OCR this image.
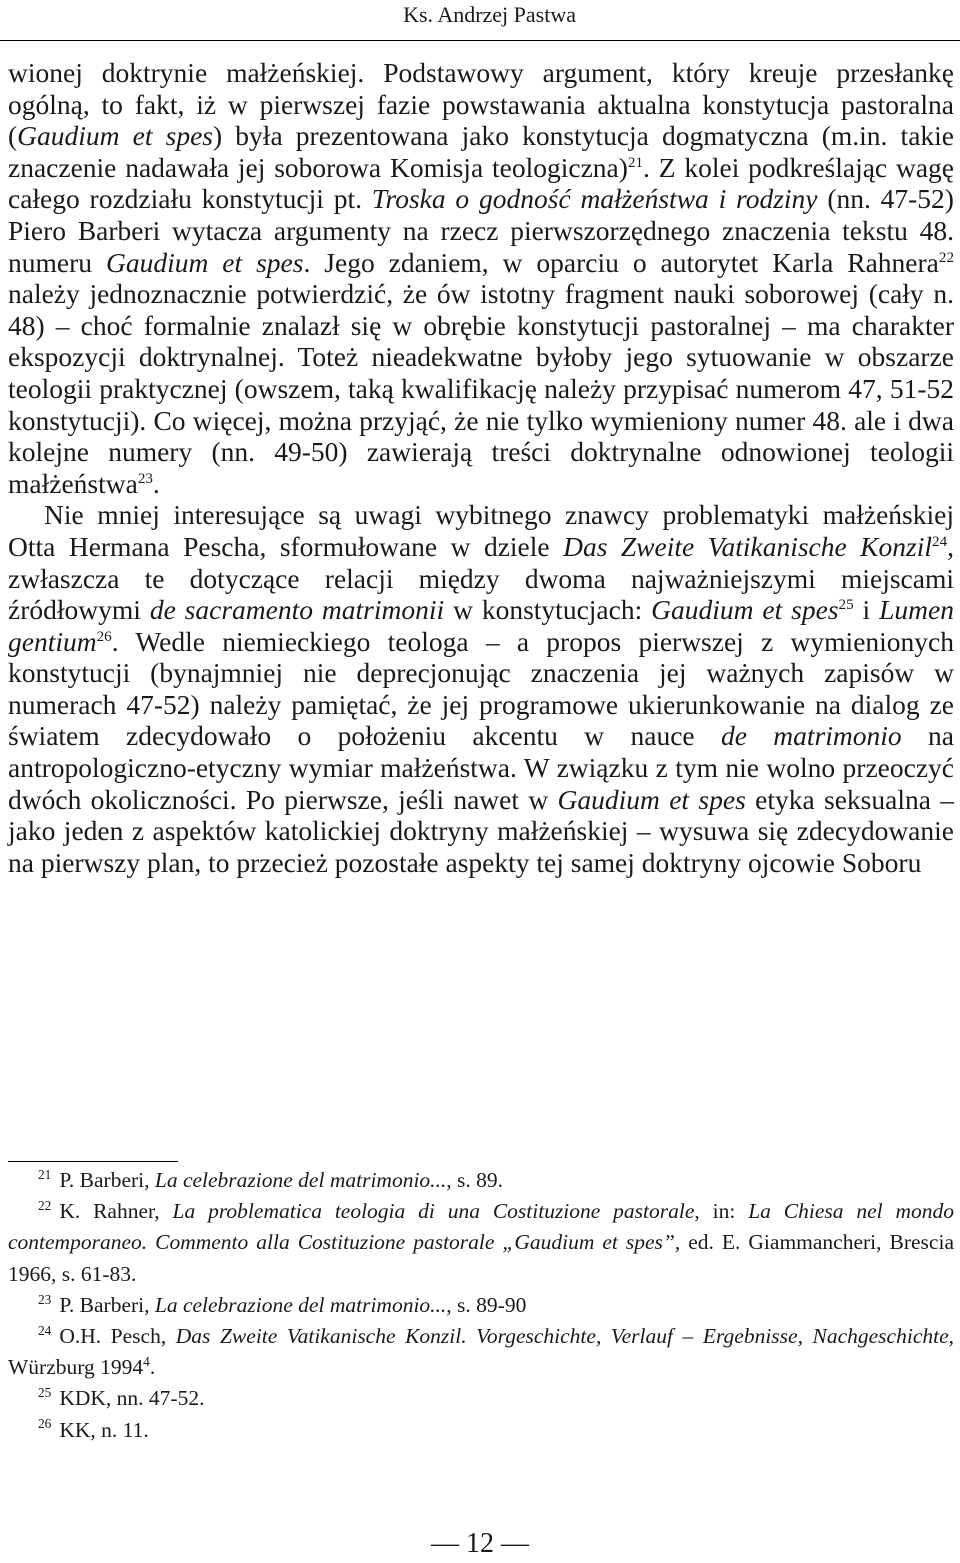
Ks. Andrzej Pastwa

wionej doktrynie małżeńskiej. Podstawowy argument, który kreuje przesłankę ogólną, to fakt, iż w pierwszej fazie powstawania aktualna konstytucja pastoralna (Gaudium et spes) była prezentowana jako konstytucja dogmatyczna (m.in. takie znaczenie nadawała jej soborowa Komisja teologiczna)$^{21}$. Z kolei podkreślając wagę całego rozdziału konstytucji pt. Troska o godność małżeństwa i rodziny (nn. 47-52) Piero Barberi wytacza argumenty na rzecz pierwszorzędnego znaczenia tekstu 48. numeru Gaudium et spes. Jego zdaniem, w oparciu o autorytet Karla Rahnera$^{22}$ należy jednoznacznie potwierdzić, że ów istotny fragment nauki soborowej (cały n. 48) – choć formalnie znalazł się w obrębie konstytucji pastoralnej – ma charakter ekspozycji doktrynalnej. Toteż nieadekwatne byłoby jego sytuowanie w obszarze teologii praktycznej (owszem, taką kwalifikację należy przypisać numerom 47, 51-52 konstytucji). Co więcej, można przyjąć, że nie tylko wymieniony numer 48. ale i dwa kolejne numery (nn. 49-50) zawierają treści doktrynalne odnowionej teologii małżeństwa$^{23}$.

Nie mniej interesujące są uwagi wybitnego znawcy problematyki małżeńskiej Otta Hermana Pescha, sformułowane w dziele Das Zweite Vatikanische Konzil$^{24}$, zwłaszcza te dotyczące relacji między dwoma najważniejszymi miejscami źródłowymi de sacramento matrimonii w konstytucjach: Gaudium et spes$^{25}$ i Lumen gentium$^{26}$. Wedle niemieckiego teologa – a propos pierwszej z wymienionych konstytucji (bynajmniej nie deprecjonując znaczenia jej ważnych zapisów w numerach 47-52) należy pamiętać, że jej programowe ukierunkowanie na dialog ze światem zdecydowało o położeniu akcentu w nauce de matrimonio na antropologiczno-etyczny wymiar małżeństwa. W związku z tym nie wolno przeoczyć dwóch okoliczności. Po pierwsze, jeśli nawet w Gaudium et spes etyka seksualna – jako jeden z aspektów katolickiej doktryny małżeńskiej – wysuwa się zdecydowanie na pierwszy plan, to przecież pozostałe aspekty tej samej doktryny ojcowie Soboru

$^{21}$ P. Barberi, La celebrazione del matrimonio..., s. 89.

$^{22}$ K. Rahner, La problematica teologia di una Costituzione pastorale, in: La Chiesa nel mondo contemporaneo. Commento alla Costituzione pastorale „Gaudium et spes”, ed. E. Giammancheri, Brescia 1966, s. 61-83.

$^{23}$ P. Barberi, La celebrazione del matrimonio..., s. 89-90

$^{24}$ O.H. Pesch, Das Zweite Vatikanische Konzil. Vorgeschichte, Verlauf – Ergebnisse, Nachgeschichte, Würzburg 1994$^4$.

$^{25}$ KDK, nn. 47-52.

$^{26}$ KK, n. 11.

— 12 —
